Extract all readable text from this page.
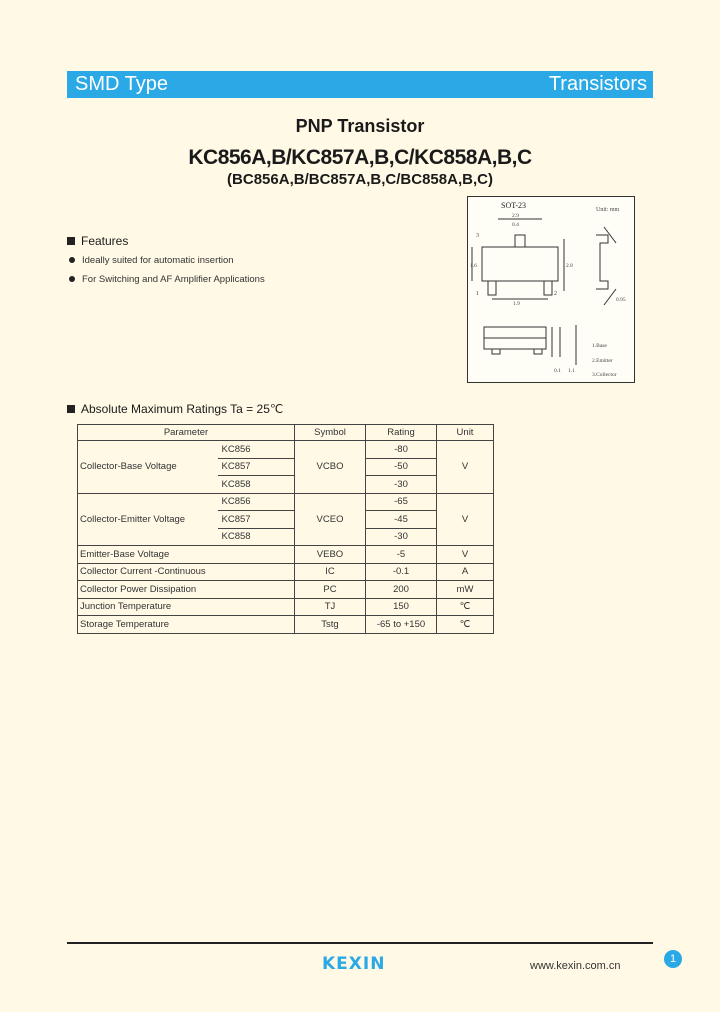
SMD Type	Transistors
PNP Transistor
KC856A,B/KC857A,B,C/KC858A,B,C
(BC856A,B/BC857A,B,C/BC858A,B,C)
Features
Ideally suited for automatic insertion
For Switching and AF Amplifier Applications
SOT-23	Unit: mm
2.9
0.4
1.6	2.8
1.9
3
1	2
0.95
0.1 1.1
1.Base
2.Emitter
3.Collector
Absolute Maximum Ratings Ta = 25℃
Parameter		Symbol	Rating	Unit
Collector-Base Voltage	KC856	VCBO	-80	V
	KC857		-50	
	KC858		-30	
Collector-Emitter Voltage	KC856	VCEO	-65	V
	KC857		-45	
	KC858		-30	
Emitter-Base Voltage		VEBO	-5	V
Collector Current -Continuous		IC	-0.1	A
Collector Power Dissipation		PC	200	mW
Junction Temperature		TJ	150	℃
Storage Temperature		Tstg	-65 to +150	℃
KEXIN	www.kexin.com.cn
1
